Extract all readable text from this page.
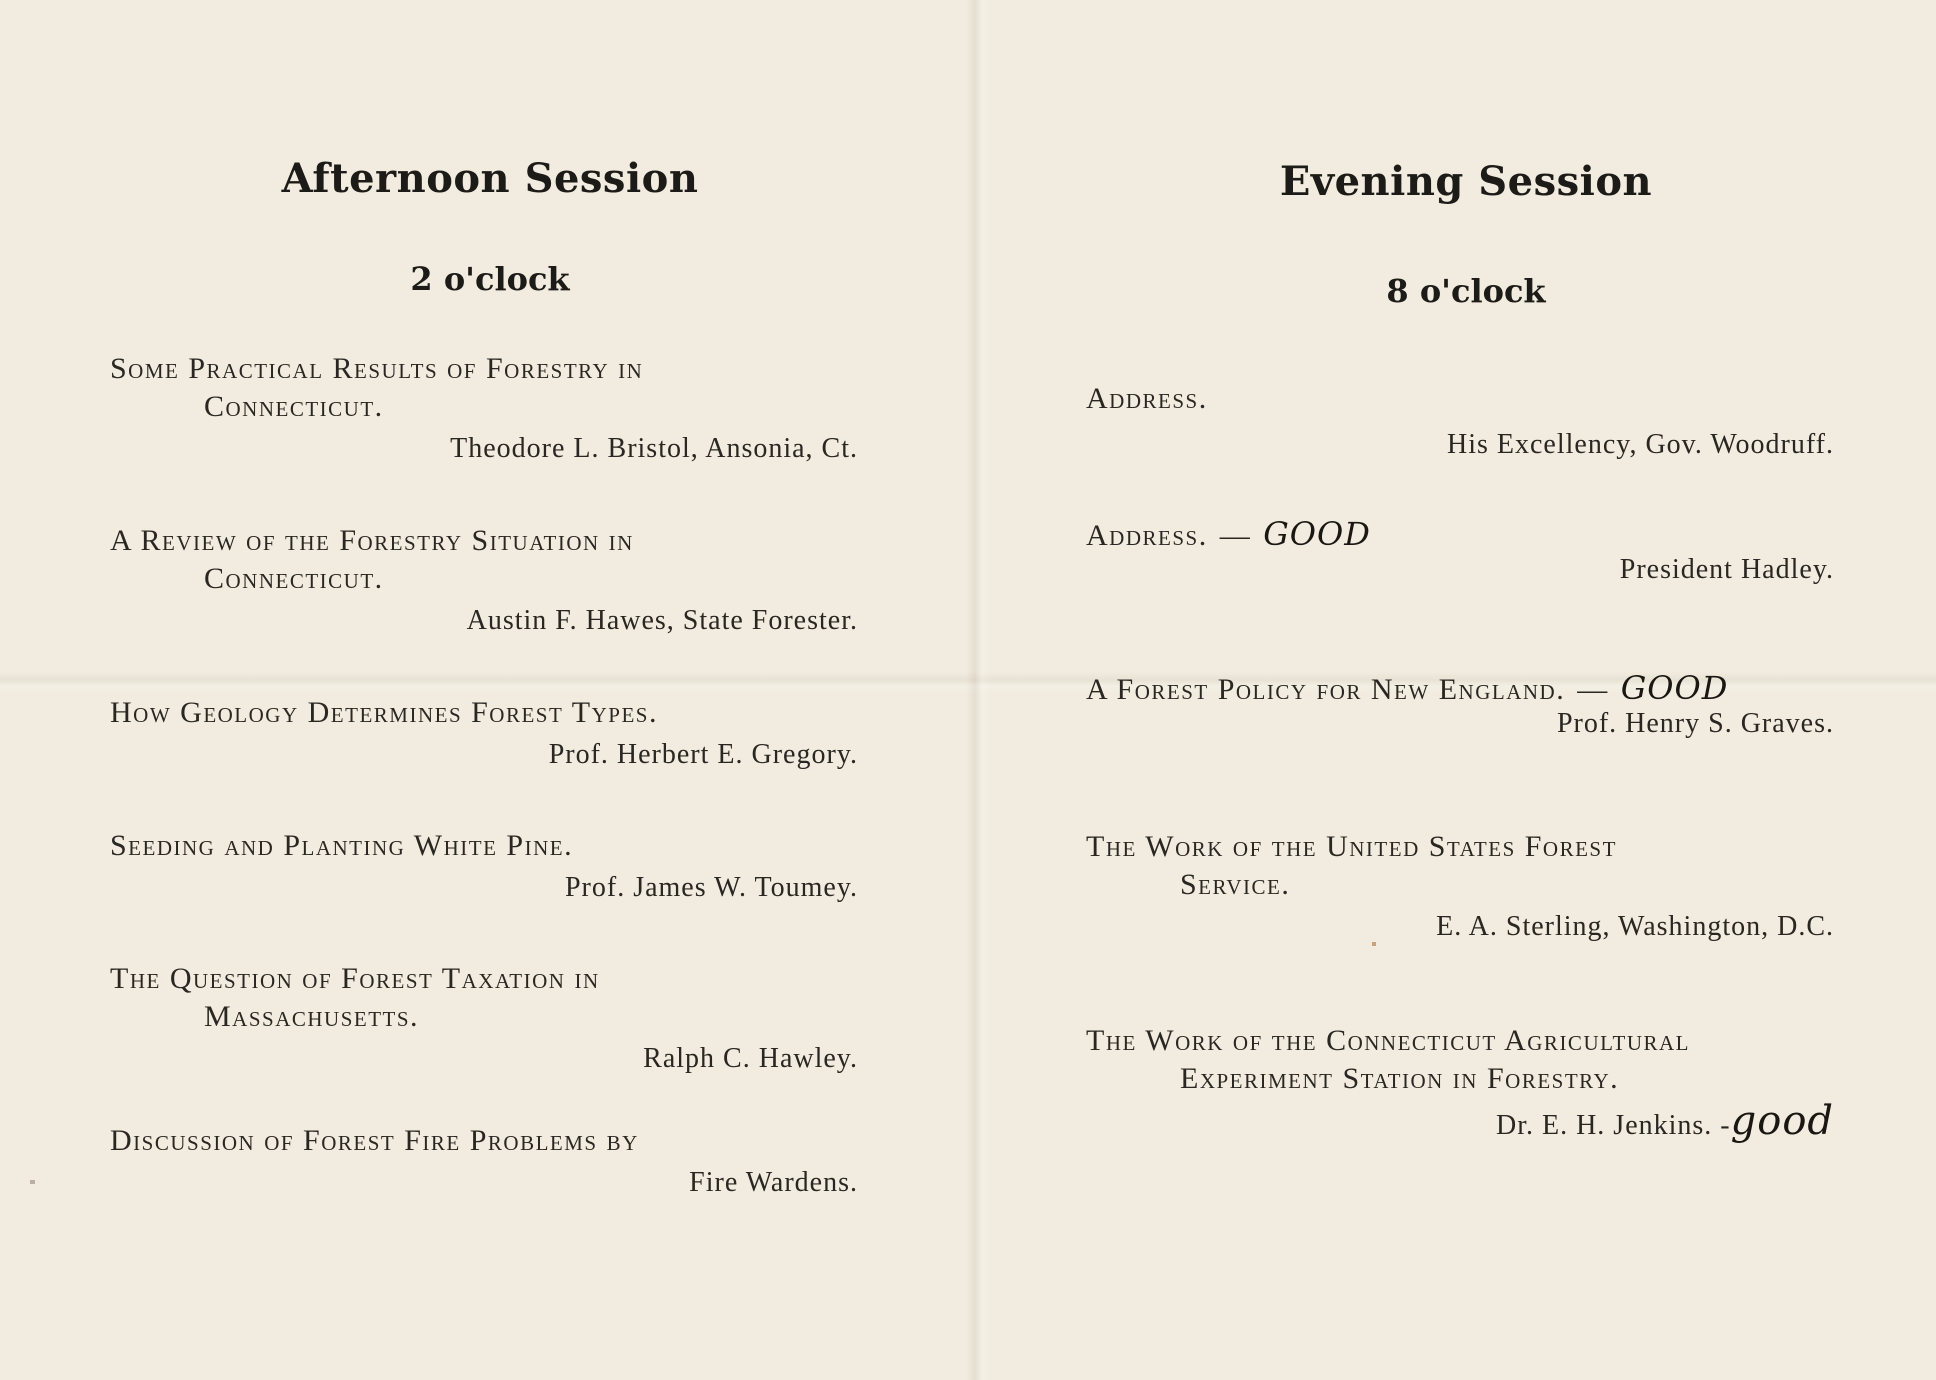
Afternoon Session
2 o'clock
Some Practical Results of Forestry in
Connecticut.
Theodore L. Bristol, Ansonia, Ct.
A Review of the Forestry Situation in
Connecticut.
Austin F. Hawes, State Forester.
How Geology Determines Forest Types.
Prof. Herbert E. Gregory.
Seeding and Planting White Pine.
Prof. James W. Toumey.
The Question of Forest Taxation in
Massachusetts.
Ralph C. Hawley.
Discussion of Forest Fire Problems by
Fire Wardens.
Evening Session
8 o'clock
Address.
His Excellency, Gov. Woodruff.
Address. — good
President Hadley.
A Forest Policy for New England. — good
Prof. Henry S. Graves.
The Work of the United States Forest
Service.
E. A. Sterling, Washington, D.C.
The Work of the Connecticut Agricultural
Experiment Station in Forestry.
Dr. E. H. Jenkins. -good
